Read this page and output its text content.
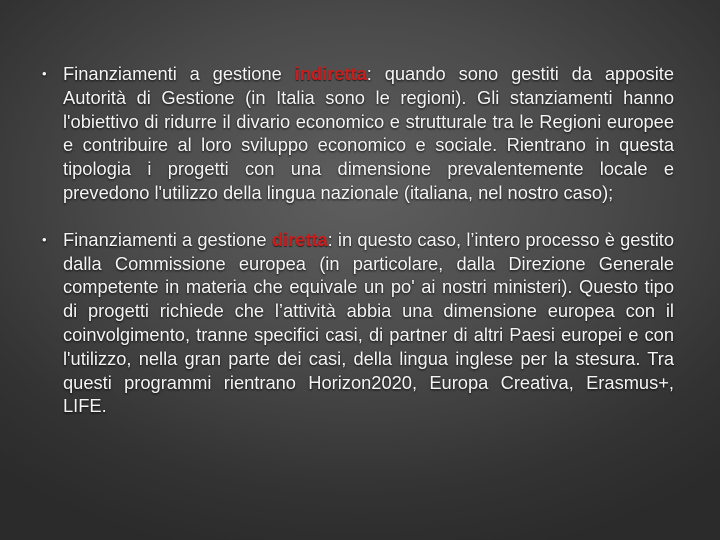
• Finanziamenti a gestione indiretta: quando sono gestiti da apposite Autorità di Gestione (in Italia sono le regioni). Gli stanziamenti hanno l'obiettivo di ridurre il divario economico e strutturale tra le Regioni europee e contribuire al loro sviluppo economico e sociale. Rientrano in questa tipologia i progetti con una dimensione prevalentemente locale e prevedono l'utilizzo della lingua nazionale (italiana, nel nostro caso);
• Finanziamenti a gestione diretta: in questo caso, l’intero processo è gestito dalla Commissione europea (in particolare, dalla Direzione Generale competente in materia che equivale un po' ai nostri ministeri). Questo tipo di progetti richiede che l’attività abbia una dimensione europea con il coinvolgimento, tranne specifici casi, di partner di altri Paesi europei e con l'utilizzo, nella gran parte dei casi, della lingua inglese per la stesura. Tra questi programmi rientrano Horizon2020, Europa Creativa, Erasmus+, LIFE.
